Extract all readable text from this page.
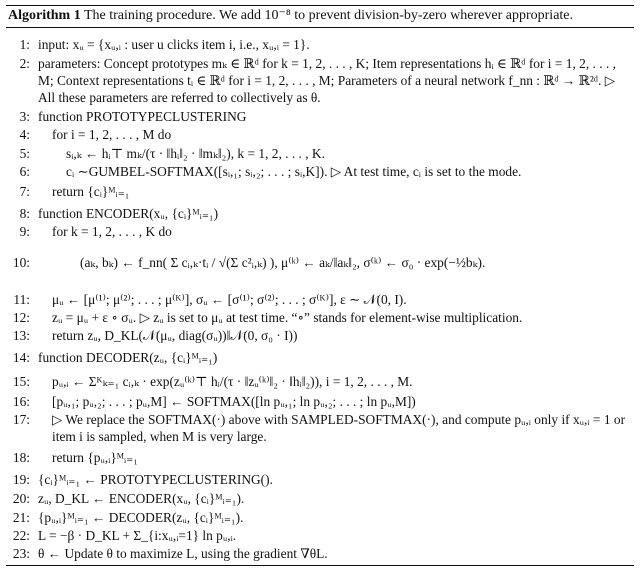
Algorithm 1 The training procedure. We add 10⁻⁸ to prevent division-by-zero wherever appropriate.
1: input: xᵤ = {xᵤ,ᵢ : user u clicks item i, i.e., xᵤ,ᵢ = 1}.
2: parameters: Concept prototypes mₖ ∈ ℝᵈ for k = 1, 2, . . . , K; Item representations hᵢ ∈ ℝᵈ for i = 1, 2, . . . , M; Context representations tᵢ ∈ ℝᵈ for i = 1, 2, . . . , M; Parameters of a neural network f_nn : ℝᵈ → ℝ²ᵈ. ▷ All these parameters are referred to collectively as θ.
3: function PROTOTYPECLUSTERING
4:	for i = 1, 2, . . . , M do
5:	sᵢ,ₖ ← hᵢ⊤ mₖ/(τ · ‖hᵢ‖₂ · ‖mₖ‖₂), k = 1, 2, . . . , K.
6:	cᵢ ∼GUMBEL-SOFTMAX([sᵢ,₁; sᵢ,₂; . . . ; sᵢ,K]). ▷ At test time, cᵢ is set to the mode.
7:	return {cᵢ}ᴹᵢ₌₁
8: function ENCODER(xᵤ, {cᵢ}ᴹᵢ₌₁)
9:	for k = 1, 2, . . . , K do
10:	(aₖ, bₖ) ← f_nn( Σ cᵢ,ₖ·tᵢ / √(Σ c²ᵢ,ₖ) ), μ⁽ᵏ⁾ ← aₖ/‖aₖ‖₂, σ⁽ᵏ⁾ ← σ₀ · exp(−½bₖ).
11:	μᵤ ← [μ⁽¹⁾; μ⁽²⁾; . . . ; μ⁽ᴷ⁾], σᵤ ← [σ⁽¹⁾; σ⁽²⁾; . . . ; σ⁽ᴷ⁾], ε ∼ 𝒩(0, I).
12:	zᵤ = μᵤ + ε ∘ σᵤ. ▷ zᵤ is set to μᵤ at test time. “∘” stands for element-wise multiplication.
13:	return zᵤ, D_KL(𝒩(μᵤ, diag(σᵤ))‖𝒩(0, σ₀ · I))
14: function DECODER(zᵤ, {cᵢ}ᴹᵢ₌₁)
15:	pᵤ,ᵢ ← Σᴷₖ₌₁ cᵢ,ₖ · exp(zᵤ⁽ᵏ⁾⊤ hᵢ/(τ · ‖zᵤ⁽ᵏ⁾‖₂ · ‖hᵢ‖₂)), i = 1, 2, . . . , M.
16:	[pᵤ,₁; pᵤ,₂; . . . ; pᵤ,M] ← SOFTMAX([ln pᵤ,₁; ln pᵤ,₂; . . . ; ln pᵤ,M])
17:	▷ We replace the SOFTMAX(·) above with SAMPLED-SOFTMAX(·), and compute pᵤ,ᵢ only if xᵤ,ᵢ = 1 or item i is sampled, when M is very large.
18:	return {pᵤ,ᵢ}ᴹᵢ₌₁
19: {cᵢ}ᴹᵢ₌₁ ← PROTOTYPECLUSTERING().
20: zᵤ, D_KL ← ENCODER(xᵤ, {cᵢ}ᴹᵢ₌₁).
21: {pᵤ,ᵢ}ᴹᵢ₌₁ ← DECODER(zᵤ, {cᵢ}ᴹᵢ₌₁).
22: L = −β · D_KL + Σ_{i:xᵤ,ᵢ=1} ln pᵤ,ᵢ.
23: θ ← Update θ to maximize L, using the gradient ∇θL.
